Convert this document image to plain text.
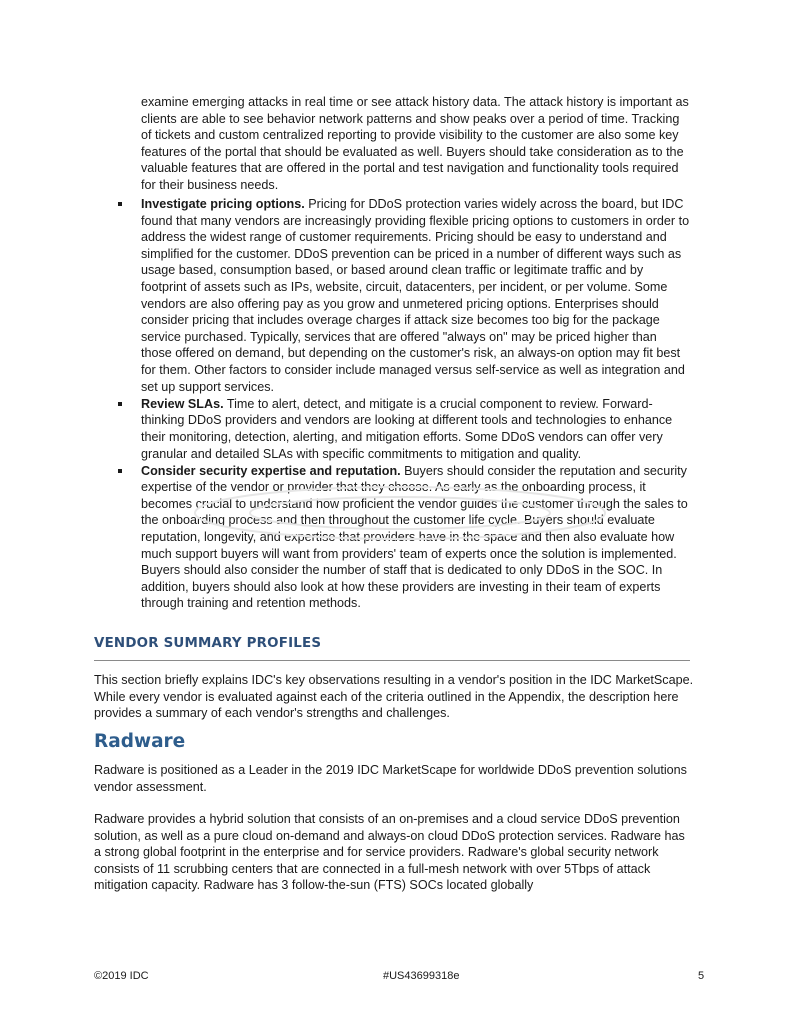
examine emerging attacks in real time or see attack history data. The attack history is important as clients are able to see behavior network patterns and show peaks over a period of time. Tracking of tickets and custom centralized reporting to provide visibility to the customer are also some key features of the portal that should be evaluated as well. Buyers should take consideration as to the valuable features that are offered in the portal and test navigation and functionality tools required for their business needs.
Investigate pricing options. Pricing for DDoS protection varies widely across the board, but IDC found that many vendors are increasingly providing flexible pricing options to customers in order to address the widest range of customer requirements. Pricing should be easy to understand and simplified for the customer. DDoS prevention can be priced in a number of different ways such as usage based, consumption based, or based around clean traffic or legitimate traffic and by footprint of assets such as IPs, website, circuit, datacenters, per incident, or per volume. Some vendors are also offering pay as you grow and unmetered pricing options. Enterprises should consider pricing that includes overage charges if attack size becomes too big for the package service purchased. Typically, services that are offered "always on" may be priced higher than those offered on demand, but depending on the customer's risk, an always-on option may fit best for them. Other factors to consider include managed versus self-service as well as integration and set up support services.
Review SLAs. Time to alert, detect, and mitigate is a crucial component to review. Forward-thinking DDoS providers and vendors are looking at different tools and technologies to enhance their monitoring, detection, alerting, and mitigation efforts. Some DDoS vendors can offer very granular and detailed SLAs with specific commitments to mitigation and quality.
Consider security expertise and reputation. Buyers should consider the reputation and security expertise of the vendor or provider that they choose. As early as the onboarding process, it becomes crucial to understand how proficient the vendor guides the customer through the sales to the onboarding process and then throughout the customer life cycle. Buyers should evaluate reputation, longevity, and expertise that providers have in the space and then also evaluate how much support buyers will want from providers' team of experts once the solution is implemented. Buyers should also consider the number of staff that is dedicated to only DDoS in the SOC. In addition, buyers should also look at how these providers are investing in their team of experts through training and retention methods.
VENDOR SUMMARY PROFILES

This section briefly explains IDC's key observations resulting in a vendor's position in the IDC MarketScape. While every vendor is evaluated against each of the criteria outlined in the Appendix, the description here provides a summary of each vendor's strengths and challenges.

Radware

Radware is positioned as a Leader in the 2019 IDC MarketScape for worldwide DDoS prevention solutions vendor assessment.

Radware provides a hybrid solution that consists of an on-premises and a cloud service DDoS prevention solution, as well as a pure cloud on-demand and always-on cloud DDoS protection services. Radware has a strong global footprint in the enterprise and for service providers. Radware's global security network consists of 11 scrubbing centers that are connected in a full-mesh network with over 5Tbps of attack mitigation capacity. Radware has 3 follow-the-sun (FTS) SOCs located globally

©2019 IDC	#US43699318e	5
